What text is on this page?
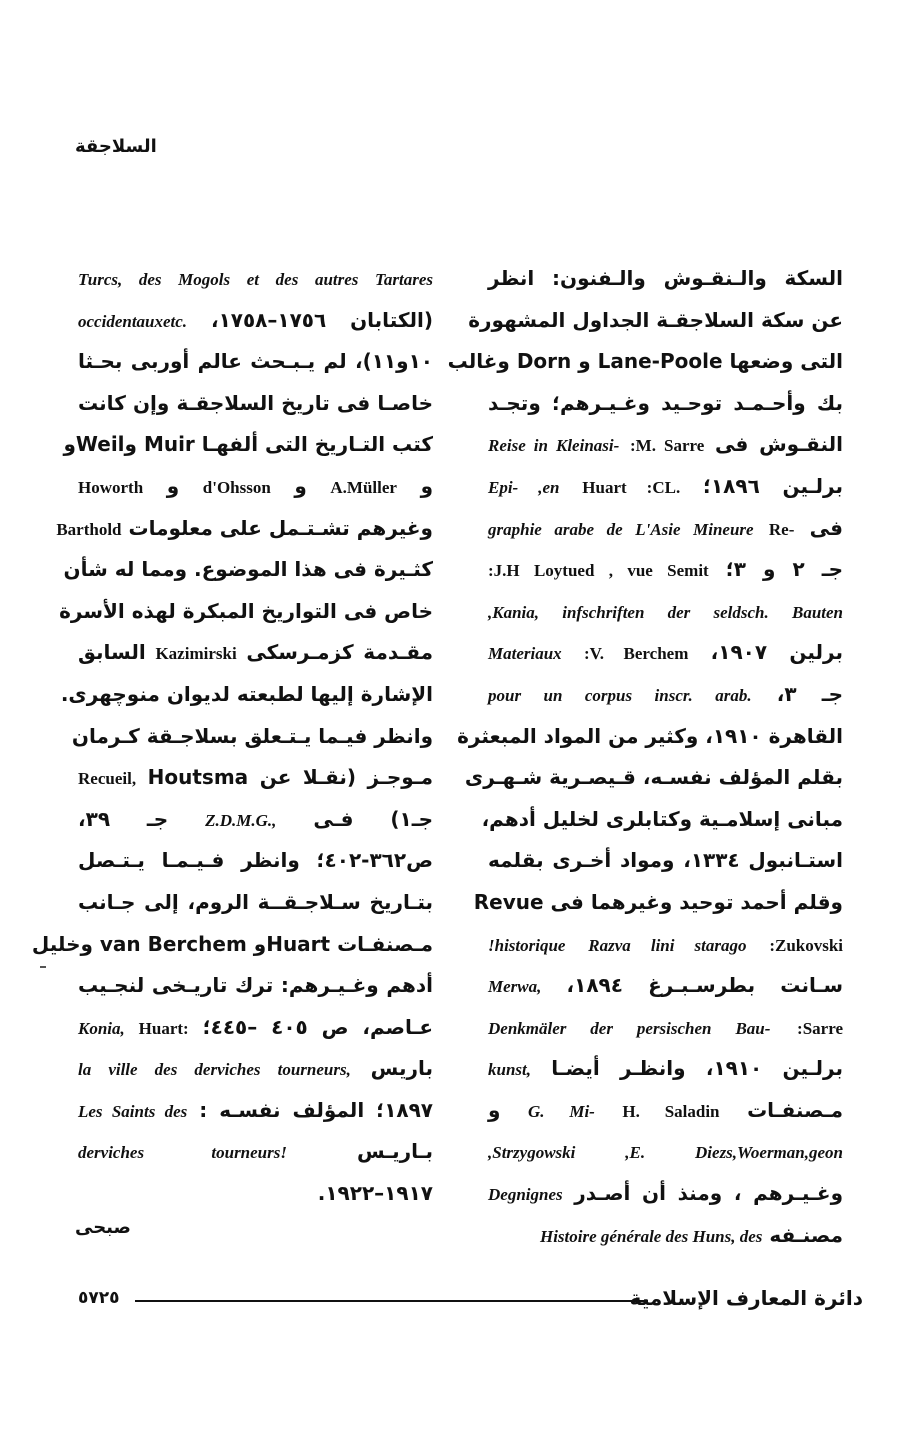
السلاجقة
السكة والـنقـوش والـفنون: انظر
عن سكة السلاجقـة الجداول المشهورة
التى وضعها Lane-Poole و Dorn وغالب
بك وأحـمـد توحـيد وغـيـرهم؛ وتجـد
النقـوش فى :M. Sarre Reise in Kleinasi-
برلـين ١٨٩٦؛ Huart :CL. Epi- ,en
فى Re- graphie arabe de L'Asie Mineure
جـ ٢ و ٣؛ :J.H Loytued , vue Semit
,Kania, infschriften der seldsch. Bauten
برلين ١٩٠٧، :V. Berchem Materiaux
جـ ٣، pour un corpus inscr. arab.
القاهرة ١٩١٠، وكثير من المواد المبعثرة
بقلم المؤلف نفسـه، قـيصـرية شـهـرى
مبانى إسلامـية وكتابلرى لخليل أدهم،
استـانبول ١٣٣٤، ومواد أخـرى بقلمه
وقلم أحمد توحيد وغيرهما فى Revue
:Zukovski Razva lini starago !historique
سـانت بطرسـبـرغ ١٨٩٤، Merwa,
:Sarre Denkmäler der persischen Bau-
برلـين ١٩١٠، وانظـر أيضـا kunst,
مـصنفـات H. Saladin G. Mi- و
,Strzygowski ,E. Diezs,Woerman,geon
وغـيـرهم ، ومنذ أن أصـدر Degnignes
مصنـفه Histoire générale des Huns, des
Turcs, des Mogols et des autres Tartares
(الكتابان ١٧٥٦–١٧٥٨، occidentauxetc.
١٠و١١)، لم يـبـحث عالم أوربى بحـثا
خاصـا فى تاريخ السلاجقـة وإن كانت
كتب التـاريخ التى ألفهـا Muir وWeilو
و A.Müller و d'Ohsson و Howorth
وغيرهم تشـتـمل على معلومات Barthold
كثـيرة فى هذا الموضوع. ومما له شأن
خاص فى التواريخ المبكرة لهذه الأسرة
مقـدمة كزمـرسكى Kazimirski السابق
الإشارة إليها لطبعته لديوان منوچهرى.
وانظر فيـما يـتـعلق بسلاجـقة كـرمان
مـوجـز (نقـلا عن Houtsma Recueil,
جـ١) فـى Z.D.M.G., جـ ٣٩،
ص٣٦٢-٤٠٢؛ وانظر فـيـمـا يـتـصل
بتـاريخ سـلاجـقــة الروم، إلى جـانب
مـصنفـات Huartو van Berchem وخليل
أدهم وغـيـرهم: ترك تاريـخى لنجـيب
عـاصم، ص ٤٠٥ –٤٤٥؛ Huart: Konia,
باريس la ville des derviches tourneurs,
١٨٩٧؛ المؤلف نفسـه : Les Saints des
بـاريـس derviches tourneurs!
١٩١٧–١٩٢٢.
صبحى
٥٧٢٥	دائرة المعارف الإسلامية
